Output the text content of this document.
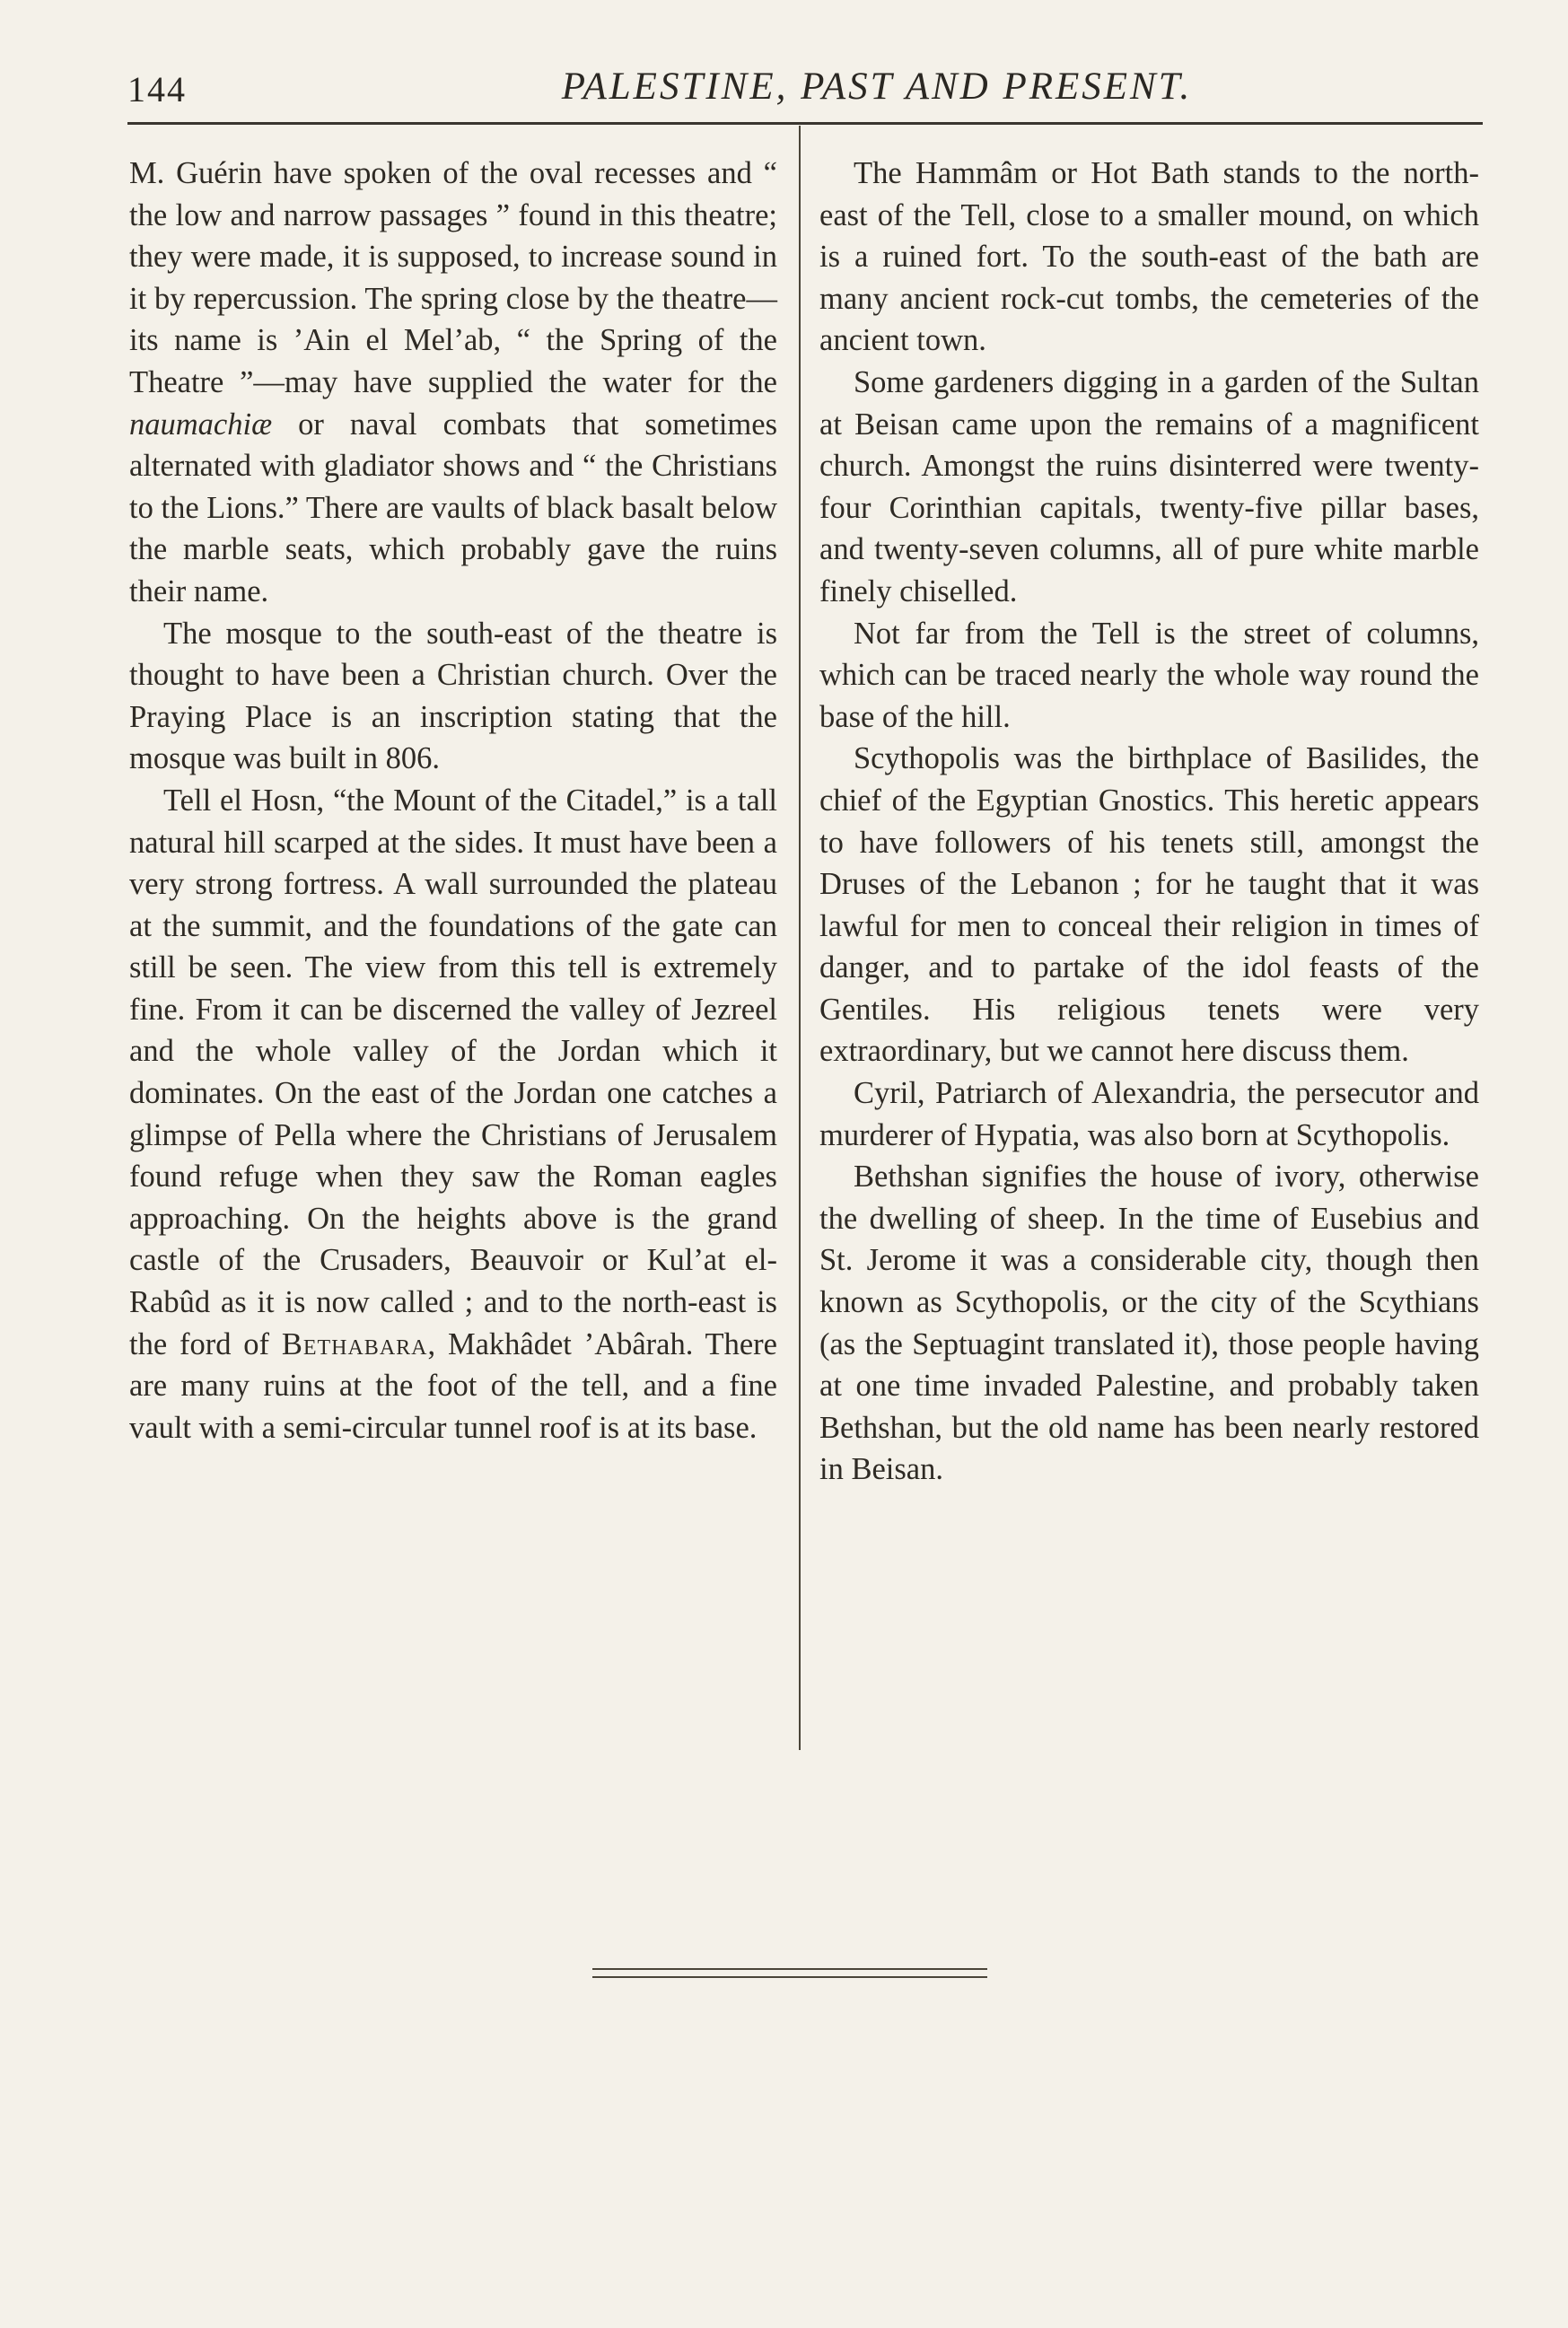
144	PALESTINE, PAST AND PRESENT.

M. Guérin have spoken of the oval recesses and “ the low and narrow passages ” found in this theatre; they were made, it is supposed, to increase sound in it by repercussion. The spring close by the theatre—its name is ’Ain el Mel’ab, “ the Spring of the Theatre ”—may have supplied the water for the naumachiæ or naval combats that sometimes alternated with gladiator shows and “ the Christians to the Lions.” There are vaults of black basalt below the marble seats, which probably gave the ruins their name.

The mosque to the south-east of the theatre is thought to have been a Christian church. Over the Praying Place is an inscription stating that the mosque was built in 806.

Tell el Hosn, “the Mount of the Citadel,” is a tall natural hill scarped at the sides. It must have been a very strong fortress. A wall surrounded the plateau at the summit, and the foundations of the gate can still be seen. The view from this tell is extremely fine. From it can be discerned the valley of Jezreel and the whole valley of the Jordan which it dominates. On the east of the Jordan one catches a glimpse of Pella where the Christians of Jerusalem found refuge when they saw the Roman eagles approaching. On the heights above is the grand castle of the Crusaders, Beauvoir or Kul’at el-Rabûd as it is now called ; and to the north-east is the ford of Bethabara, Makhâdet ’Abârah. There are many ruins at the foot of the tell, and a fine vault with a semi-circular tunnel roof is at its base.

The Hammâm or Hot Bath stands to the north-east of the Tell, close to a smaller mound, on which is a ruined fort. To the south-east of the bath are many ancient rock-cut tombs, the cemeteries of the ancient town.

Some gardeners digging in a garden of the Sultan at Beisan came upon the remains of a magnificent church. Amongst the ruins disinterred were twenty-four Corinthian capitals, twenty-five pillar bases, and twenty-seven columns, all of pure white marble finely chiselled.

Not far from the Tell is the street of columns, which can be traced nearly the whole way round the base of the hill.

Scythopolis was the birthplace of Basilides, the chief of the Egyptian Gnostics. This heretic appears to have followers of his tenets still, amongst the Druses of the Lebanon ; for he taught that it was lawful for men to conceal their religion in times of danger, and to partake of the idol feasts of the Gentiles. His religious tenets were very extraordinary, but we cannot here discuss them.

Cyril, Patriarch of Alexandria, the persecutor and murderer of Hypatia, was also born at Scythopolis.

Bethshan signifies the house of ivory, otherwise the dwelling of sheep. In the time of Eusebius and St. Jerome it was a considerable city, though then known as Scythopolis, or the city of the Scythians (as the Septuagint translated it), those people having at one time invaded Palestine, and probably taken Bethshan, but the old name has been nearly restored in Beisan.
